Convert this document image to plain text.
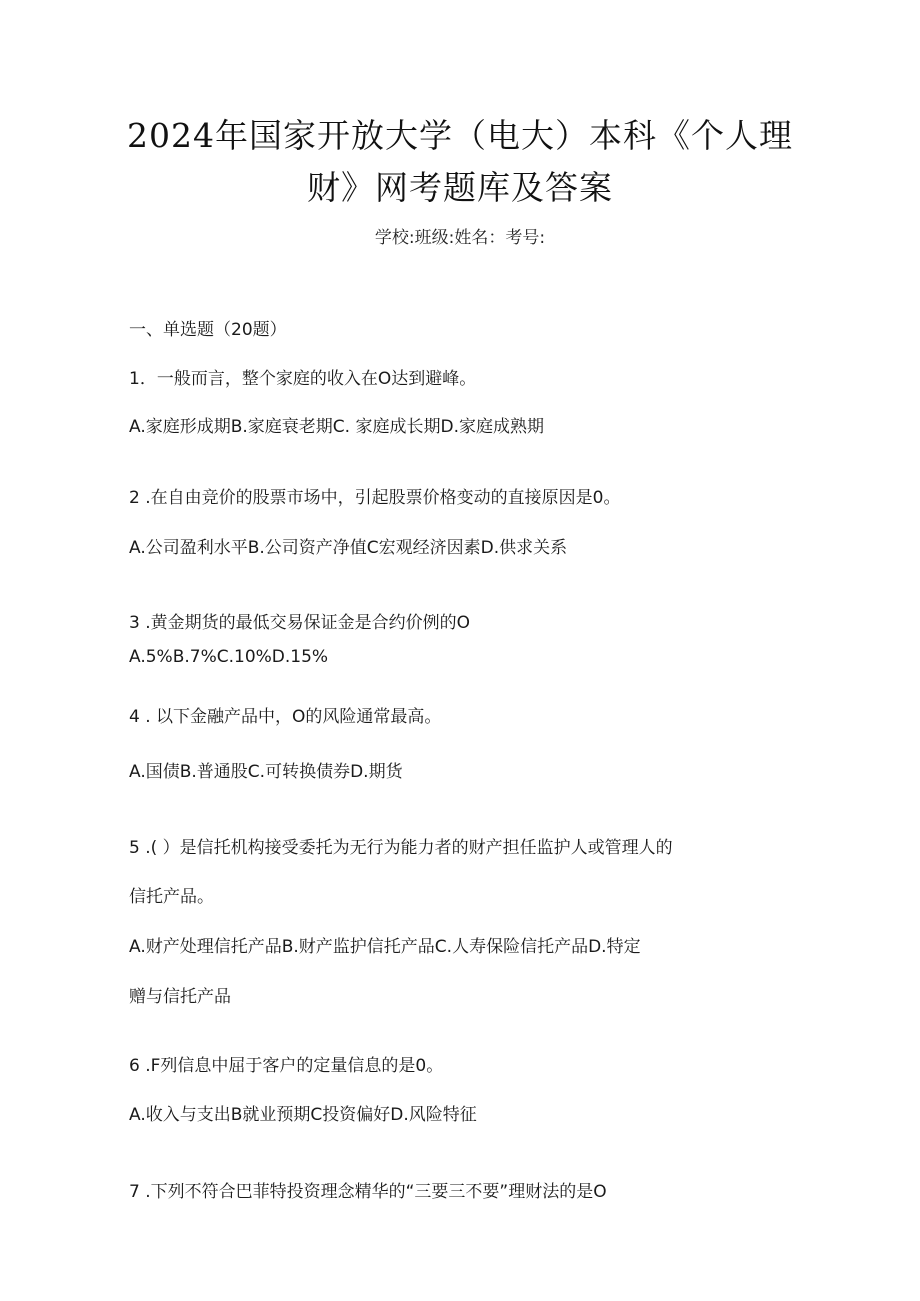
2024年国家开放大学（电大）本科《个人理
财》网考题库及答案
学校:班级:姓名：考号:
一、单选题（20题）
1．一般而言，整个家庭的收入在O达到避峰。
A.家庭形成期B.家庭衰老期C. 家庭成长期D.家庭成熟期
2 .在自由竞价的股票市场中，引起股票价格变动的直接原因是0。
A.公司盈利水平B.公司资产净值C宏观经济因素D.供求关系
3 .黄金期货的最低交易保证金是合约价例的O
A.5%B.7%C.10%D.15%
4 . 以下金融产品中，O的风险通常最高。
A.国债B.普通股C.可转换债券D.期货
5 .( ）是信托机构接受委托为无行为能力者的财产担任监护人或管理人的
信托产品。
A.财产处理信托产品B.财产监护信托产品C.人寿保险信托产品D.特定
赠与信托产品
6 .F列信息中屈于客户的定量信息的是0。
A.收入与支出B就业预期C投资偏好D.风险特征
7 .下列不符合巴菲特投资理念精华的“三要三不要”理财法的是O
